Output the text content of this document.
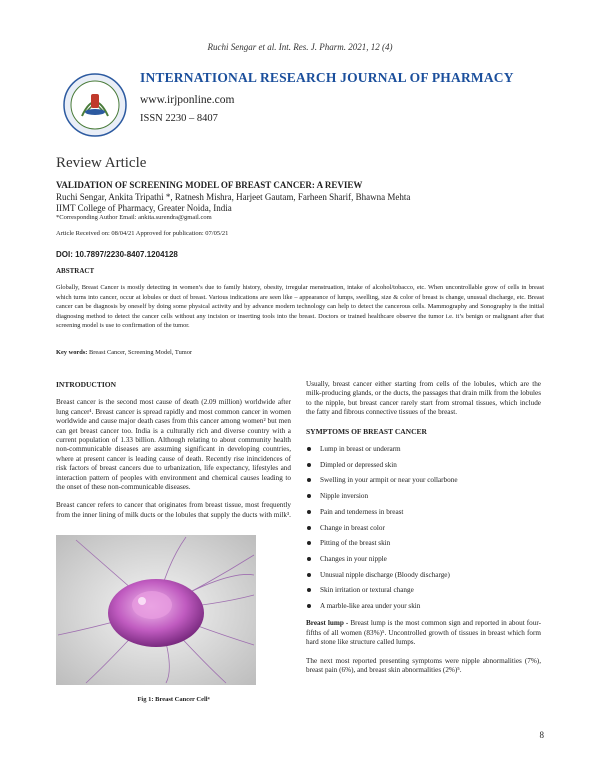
Ruchi Sengar et al. Int. Res. J. Pharm. 2021, 12 (4)
INTERNATIONAL RESEARCH JOURNAL OF PHARMACY
www.irjponline.com
ISSN 2230 – 8407
Review Article
VALIDATION OF SCREENING MODEL OF BREAST CANCER: A REVIEW
Ruchi Sengar, Ankita Tripathi *, Ratnesh Mishra, Harjeet Gautam, Farheen Sharif, Bhawna Mehta
IIMT College of Pharmacy, Greater Noida, India
*Corresponding Author Email: ankita.surendra@gmail.com
Article Received on: 08/04/21 Approved for publication: 07/05/21
DOI: 10.7897/2230-8407.1204128
ABSTRACT
Globally, Breast Cancer is mostly detecting in women’s due to family history, obesity, irregular menstruation, intake of alcohol/tobacco, etc. When uncontrollable grow of cells in breast which turns into cancer, occur at lobules or duct of breast. Various indications are seen like – appearance of lumps, swelling, size & color of breast is change, unusual discharge, etc. Breast cancer can be diagnosis by oneself by doing some physical activity and by advance modern technology can help to detect the cancerous cells. Mammography and Sonography is the initial diagnosing method to detect the cancer cells without any incision or inserting tools into the breast. Doctors or trained healthcare observe the tumor i.e. it’s benign or malignant after that screening model is use to confirmation of the tumor.
Key words: Breast Cancer, Screening Model, Tumor
INTRODUCTION

Breast cancer is the second most cause of death (2.09 million) worldwide after lung cancer¹. Breast cancer is spread rapidly and most common cancer in women worldwide and cause major death cases from this cancer among women² but men can get breast cancer too. India is a culturally rich and diverse country with a current population of 1.33 billion. Although relating to about community health non-communicable diseases are assuming significant in developing countries, where at present cancer is leading cause of death. Recently rise inincidences of risk factors of breast cancers due to urbanization, life expectancy, lifestyles and interaction pattern of peoples with environment and chemical causes leading to the onset of these non-communicable diseases.

Breast cancer refers to cancer that originates from breast tissue, most frequently from the inner lining of milk ducts or the lobules that supply the ducts with milk³.

Fig 1: Breast Cancer Cell⁴

Usually, breast cancer either starting from cells of the lobules, which are the milk-producing glands, or the ducts, the passages that drain milk from the lobules to the nipple, but breast cancer rarely start from stromal tissues, which include the fatty and fibrous connective tissues of the breast.

SYMPTOMS OF BREAST CANCER
Lump in breast or underarm
Dimpled or depressed skin
Swelling in your armpit or near your collarbone
Nipple inversion
Pain and tenderness in breast
Change in breast color
Pitting of the breast skin
Changes in your nipple
Unusual nipple discharge (Bloody discharge)
Skin irritation or textural change
A marble-like area under your skin

Breast lump - Breast lump is the most common sign and reported in about four-fifths of all women (83%)⁵. Uncontrolled growth of tissues in breast which form hard stone like structure called lumps.

The next most reported presenting symptoms were nipple abnormalities (7%), breast pain (6%), and breast skin abnormalities (2%)⁵.

8
